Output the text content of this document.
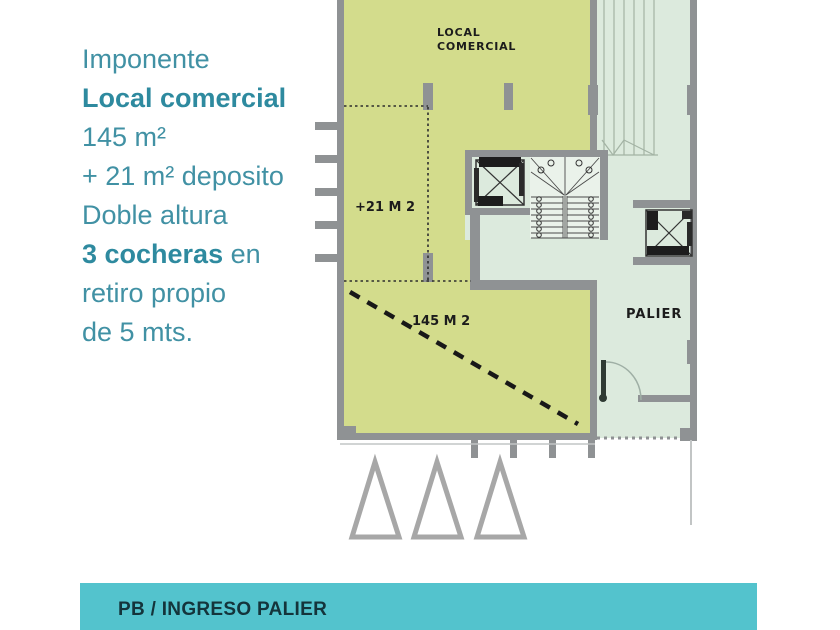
Imponente
Local comercial
145 m²
+ 21 m² deposito
Doble altura
3 cocheras en
retiro propio
de 5 mts.
LOCAL
COMERCIAL
+21 M 2
145 M 2	PALIER
PB / INGRESO PALIER
